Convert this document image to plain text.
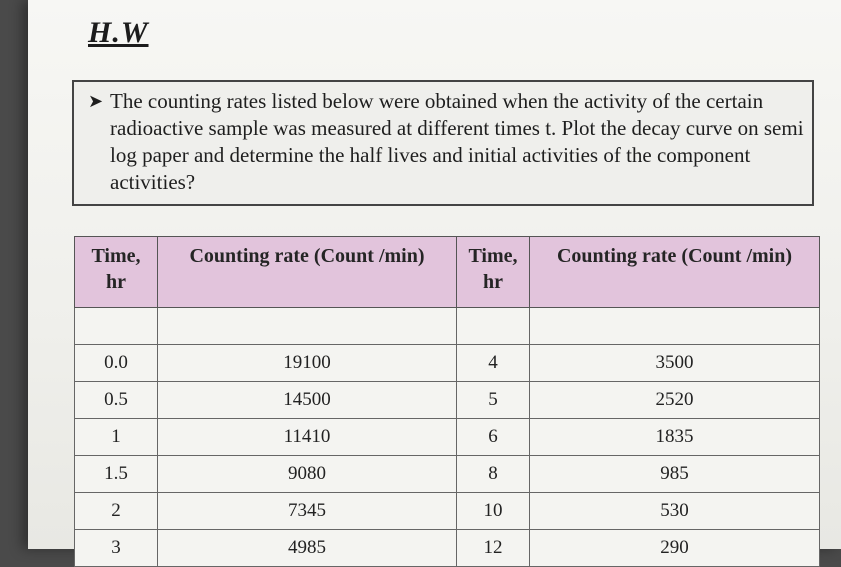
H.W
➤ The counting rates listed below were obtained when the activity of the certain radioactive sample was measured at different times t. Plot the decay curve on semi log paper and determine the half lives and initial activities of the component activities?
Time, hr	Counting rate (Count /min)	Time, hr	Counting rate (Count /min)

0.0	19100	4	3500
0.5	14500	5	2520
1	11410	6	1835
1.5	9080	8	985
2	7345	10	530
3	4985	12	290
